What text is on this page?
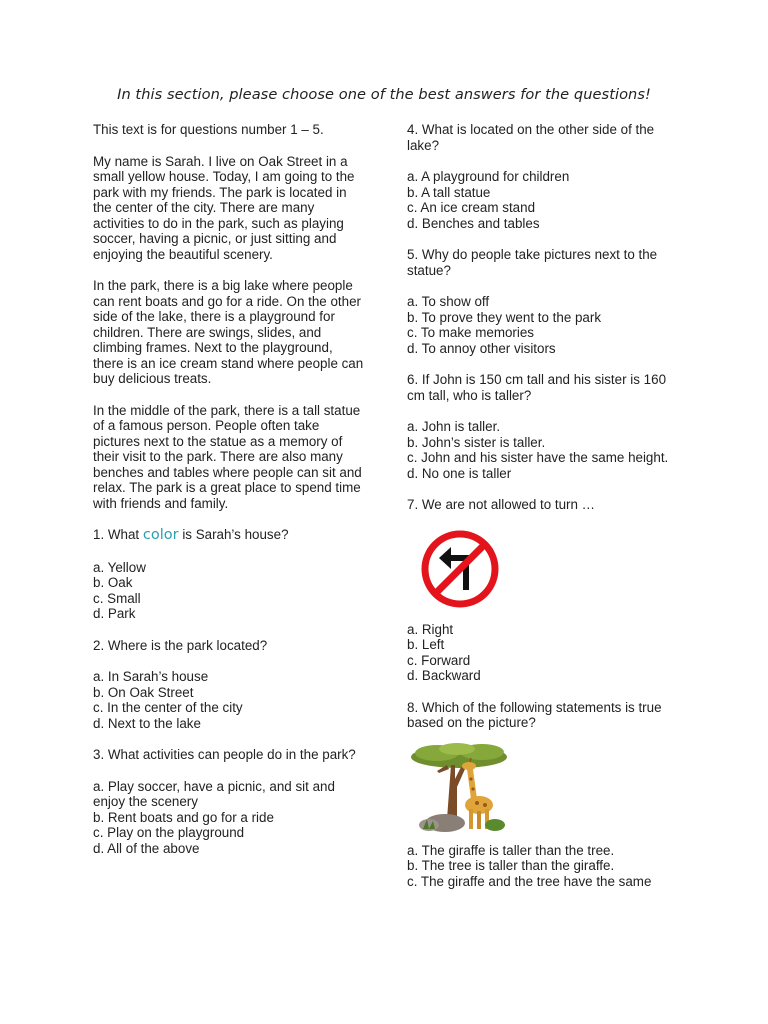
In this section, please choose one of the best answers for the questions!

This text is for questions number 1 – 5.

My name is Sarah. I live on Oak Street in a small yellow house. Today, I am going to the park with my friends. The park is located in the center of the city. There are many activities to do in the park, such as playing soccer, having a picnic, or just sitting and enjoying the beautiful scenery.

In the park, there is a big lake where people can rent boats and go for a ride. On the other side of the lake, there is a playground for children. There are swings, slides, and climbing frames. Next to the playground, there is an ice cream stand where people can buy delicious treats.

In the middle of the park, there is a tall statue of a famous person. People often take pictures next to the statue as a memory of their visit to the park. There are also many benches and tables where people can sit and relax. The park is a great place to spend time with friends and family.

1. What color is Sarah’s house?

a. Yellow
b. Oak
c. Small
d. Park

2. Where is the park located?

a. In Sarah’s house
b. On Oak Street
c. In the center of the city
d. Next to the lake

3. What activities can people do in the park?

a. Play soccer, have a picnic, and sit and enjoy the scenery
b. Rent boats and go for a ride
c. Play on the playground
d. All of the above

4. What is located on the other side of the lake?

a. A playground for children
b. A tall statue
c. An ice cream stand
d. Benches and tables

5. Why do people take pictures next to the statue?

a. To show off
b. To prove they went to the park
c. To make memories
d. To annoy other visitors

6. If John is 150 cm tall and his sister is 160 cm tall, who is taller?

a. John is taller.
b. John’s sister is taller.
c. John and his sister have the same height.
d. No one is taller

7. We are not allowed to turn …

a. Right
b. Left
c. Forward
d. Backward

8. Which of the following statements is true based on the picture?

a. The giraffe is taller than the tree.
b. The tree is taller than the giraffe.
c. The giraffe and the tree have the same
